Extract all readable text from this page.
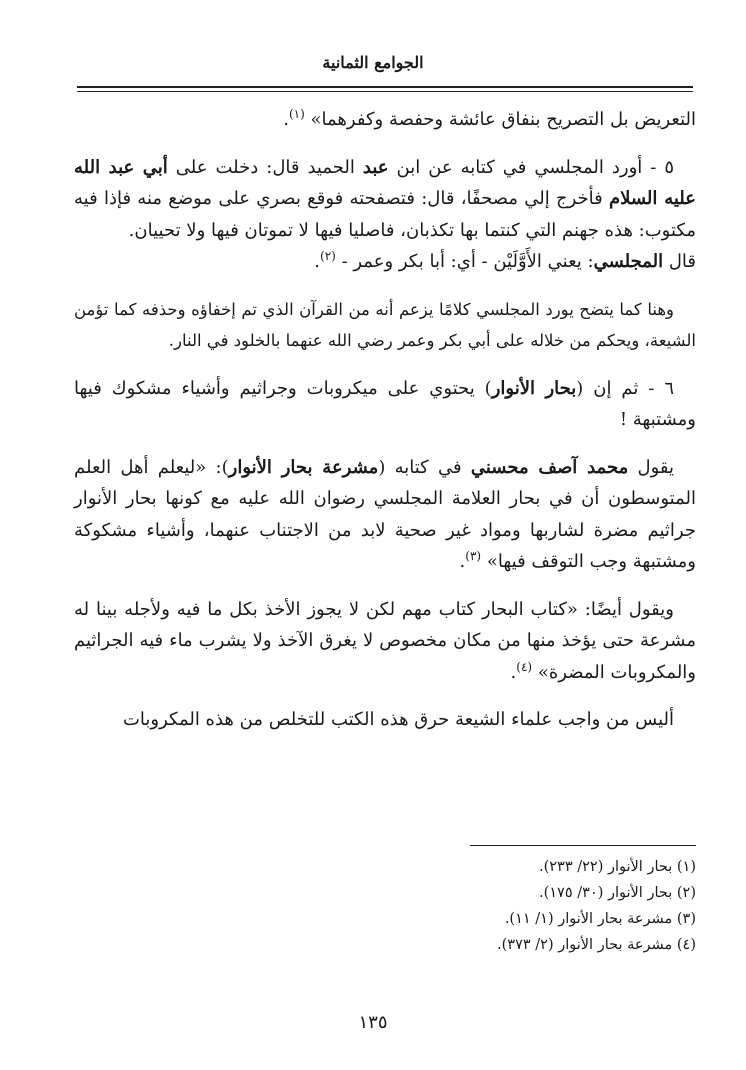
الجوامع الثمانية

التعريض بل التصريح بنفاق عائشة وحفصة وكفرهما» $^{(١)}$.

٥ - أورد المجلسي في كتابه عن ابن عبد الحميد قال: دخلت على أبي عبد الله عليه السلام فأخرج إلي مصحفًا، قال: فتصفحته فوقع بصري على موضع منه فإذا فيه مكتوب: هذه جهنم التي كنتما بها تكذبان، فاصليا فيها لا تموتان فيها ولا تحييان.

قال المجلسي: يعني الأَوَّلَيْن - أي: أبا بكر وعمر - $^{(٢)}$.

وهنا كما يتضح يورد المجلسي كلامًا يزعم أنه من القرآن الذي تم إخفاؤه وحذفه كما تؤمن الشيعة، ويحكم من خلاله على أبي بكر وعمر رضي الله عنهما بالخلود في النار.

٦ - ثم إن (بحار الأنوار) يحتوي على ميكروبات وجراثيم وأشياء مشكوك فيها ومشتبهة !

يقول محمد آصف محسني في كتابه (مشرعة بحار الأنوار): «ليعلم أهل العلم المتوسطون أن في بحار العلامة المجلسي رضوان الله عليه مع كونها بحار الأنوار جراثيم مضرة لشاربها ومواد غير صحية لابد من الاجتناب عنهما، وأشياء مشكوكة ومشتبهة وجب التوقف فيها» $^{(٣)}$.

ويقول أيضًا: «كتاب البحار كتاب مهم لكن لا يجوز الأخذ بكل ما فيه ولأجله بينا له مشرعة حتى يؤخذ منها من مكان مخصوص لا يغرق الآخذ ولا يشرب ماء فيه الجراثيم والمكروبات المضرة» $^{(٤)}$.

أليس من واجب علماء الشيعة حرق هذه الكتب للتخلص من هذه المكروبات

(١) بحار الأنوار (٢٢/ ٢٣٣).

(٢) بحار الأنوار (٣٠/ ١٧٥).

(٣) مشرعة بحار الأنوار (١/ ١١).

(٤) مشرعة بحار الأنوار (٢/ ٣٧٣).

١٣٥
